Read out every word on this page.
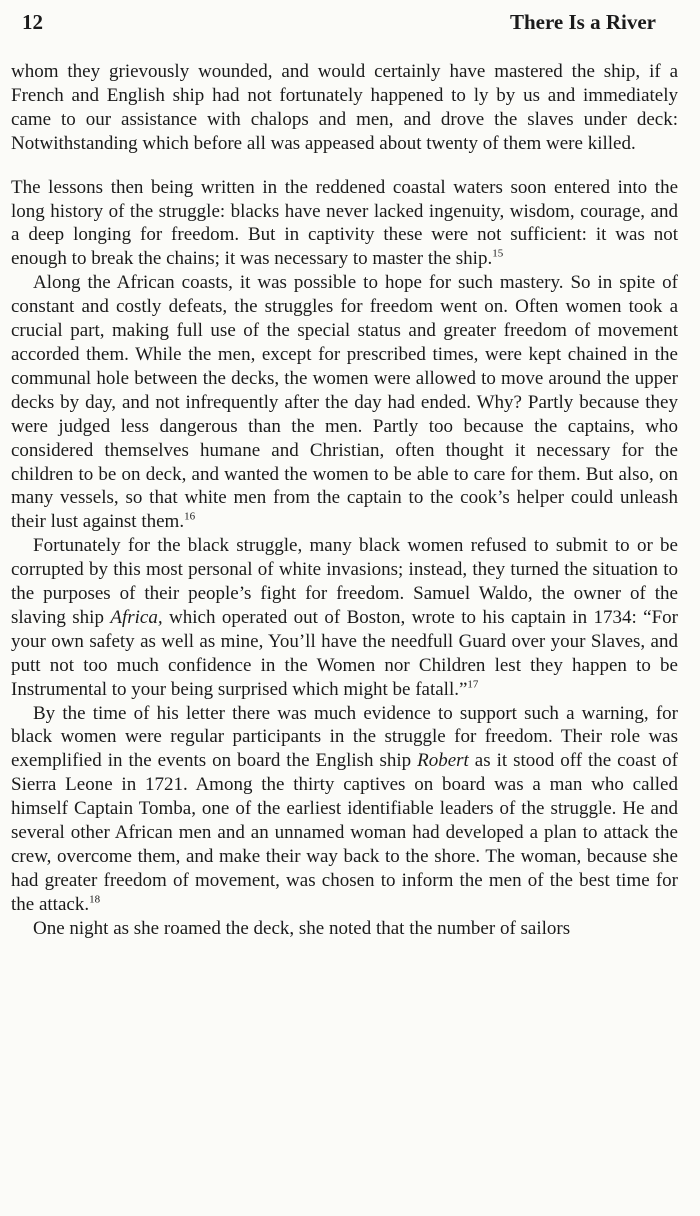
12	There Is a River

whom they grievously wounded, and would certainly have mastered the ship, if a French and English ship had not fortunately happened to ly by us and immediately came to our assistance with chalops and men, and drove the slaves under deck: Notwithstanding which before all was appeased about twenty of them were killed.

The lessons then being written in the reddened coastal waters soon entered into the long history of the struggle: blacks have never lacked ingenuity, wisdom, courage, and a deep longing for freedom. But in captivity these were not sufficient: it was not enough to break the chains; it was necessary to master the ship.$^{15}$

Along the African coasts, it was possible to hope for such mastery. So in spite of constant and costly defeats, the struggles for freedom went on. Often women took a crucial part, making full use of the special status and greater freedom of movement accorded them. While the men, except for prescribed times, were kept chained in the communal hole between the decks, the women were allowed to move around the upper decks by day, and not infrequently after the day had ended. Why? Partly because they were judged less dangerous than the men. Partly too because the captains, who considered themselves humane and Christian, often thought it necessary for the children to be on deck, and wanted the women to be able to care for them. But also, on many vessels, so that white men from the captain to the cook’s helper could unleash their lust against them.$^{16}$

Fortunately for the black struggle, many black women refused to submit to or be corrupted by this most personal of white invasions; instead, they turned the situation to the purposes of their people’s fight for freedom. Samuel Waldo, the owner of the slaving ship Africa, which operated out of Boston, wrote to his captain in 1734: “For your own safety as well as mine, You’ll have the needfull Guard over your Slaves, and putt not too much confidence in the Women nor Children lest they happen to be Instrumental to your being surprised which might be fatall.”$^{17}$

By the time of his letter there was much evidence to support such a warning, for black women were regular participants in the struggle for freedom. Their role was exemplified in the events on board the English ship Robert as it stood off the coast of Sierra Leone in 1721. Among the thirty captives on board was a man who called himself Captain Tomba, one of the earliest identifiable leaders of the struggle. He and several other African men and an unnamed woman had developed a plan to attack the crew, overcome them, and make their way back to the shore. The woman, because she had greater freedom of movement, was chosen to inform the men of the best time for the attack.$^{18}$

One night as she roamed the deck, she noted that the number of sailors
